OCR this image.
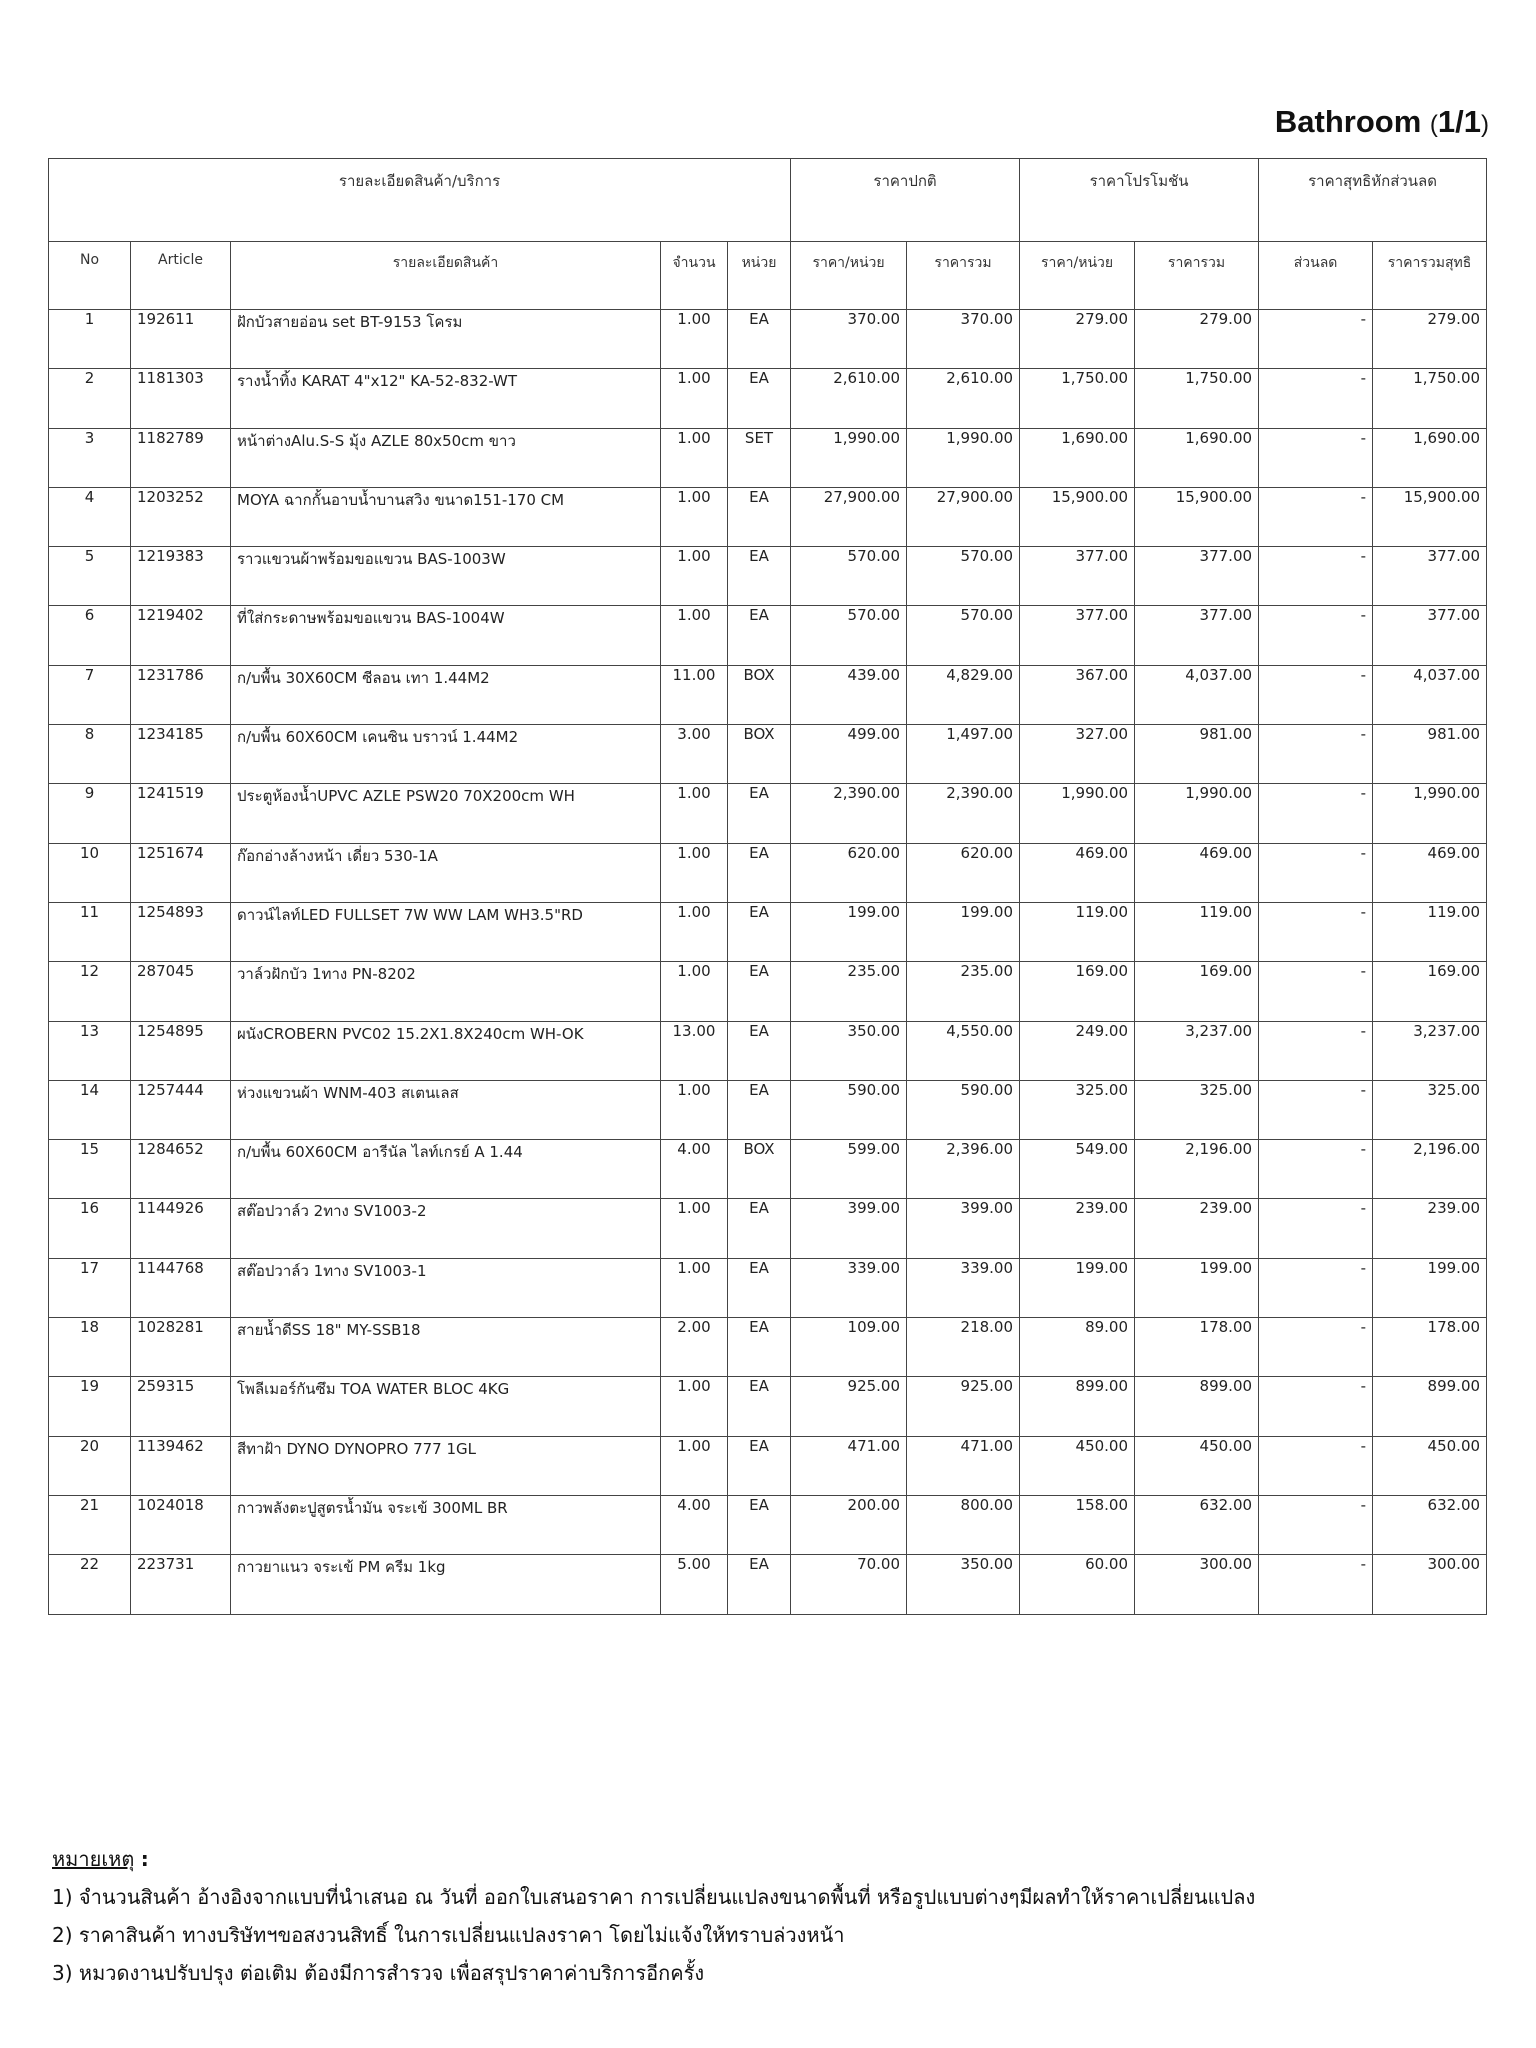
Bathroom (1/1)
รายละเอียดสินค้า/บริการ					ราคาปกติ		ราคาโปรโมชัน		ราคาสุทธิหักส่วนลด	
No	Article	รายละเอียดสินค้า	จำนวน	หน่วย	ราคา/หน่วย	ราคารวม	ราคา/หน่วย	ราคารวม	ส่วนลด	ราคารวมสุทธิ
1	192611	ฝักบัวสายอ่อน set BT-9153 โครม	1.00	EA	370.00	370.00	279.00	279.00	-	279.00
2	1181303	รางน้ำทิ้ง KARAT 4"x12" KA-52-832-WT	1.00	EA	2,610.00	2,610.00	1,750.00	1,750.00	-	1,750.00
3	1182789	หน้าต่างAlu.S-S มุ้ง AZLE 80x50cm ขาว	1.00	SET	1,990.00	1,990.00	1,690.00	1,690.00	-	1,690.00
4	1203252	MOYA ฉากกั้นอาบน้ำบานสวิง ขนาด151-170 CM	1.00	EA	27,900.00	27,900.00	15,900.00	15,900.00	-	15,900.00
5	1219383	ราวแขวนผ้าพร้อมขอแขวน BAS-1003W	1.00	EA	570.00	570.00	377.00	377.00	-	377.00
6	1219402	ที่ใส่กระดาษพร้อมขอแขวน BAS-1004W	1.00	EA	570.00	570.00	377.00	377.00	-	377.00
7	1231786	ก/บพื้น 30X60CM ซีลอน เทา 1.44M2	11.00	BOX	439.00	4,829.00	367.00	4,037.00	-	4,037.00
8	1234185	ก/บพื้น 60X60CM เคนซิน บราวน์ 1.44M2	3.00	BOX	499.00	1,497.00	327.00	981.00	-	981.00
9	1241519	ประตูห้องน้ำUPVC AZLE PSW20 70X200cm WH	1.00	EA	2,390.00	2,390.00	1,990.00	1,990.00	-	1,990.00
10	1251674	ก๊อกอ่างล้างหน้า เดี่ยว 530-1A	1.00	EA	620.00	620.00	469.00	469.00	-	469.00
11	1254893	ดาวน์ไลท์LED FULLSET 7W WW LAM WH3.5"RD	1.00	EA	199.00	199.00	119.00	119.00	-	119.00
12	287045	วาล์วฝักบัว 1ทาง PN-8202	1.00	EA	235.00	235.00	169.00	169.00	-	169.00
13	1254895	ผนังCROBERN PVC02 15.2X1.8X240cm WH-OK	13.00	EA	350.00	4,550.00	249.00	3,237.00	-	3,237.00
14	1257444	ห่วงแขวนผ้า WNM-403 สเตนเลส	1.00	EA	590.00	590.00	325.00	325.00	-	325.00
15	1284652	ก/บพื้น 60X60CM อารีนัล ไลท์เกรย์ A 1.44	4.00	BOX	599.00	2,396.00	549.00	2,196.00	-	2,196.00
16	1144926	สต๊อปวาล์ว 2ทาง SV1003-2	1.00	EA	399.00	399.00	239.00	239.00	-	239.00
17	1144768	สต๊อปวาล์ว 1ทาง SV1003-1	1.00	EA	339.00	339.00	199.00	199.00	-	199.00
18	1028281	สายน้ำดีSS 18" MY-SSB18	2.00	EA	109.00	218.00	89.00	178.00	-	178.00
19	259315	โพลีเมอร์กันซึม TOA WATER BLOC 4KG	1.00	EA	925.00	925.00	899.00	899.00	-	899.00
20	1139462	สีทาฝ้า DYNO DYNOPRO 777 1GL	1.00	EA	471.00	471.00	450.00	450.00	-	450.00
21	1024018	กาวพลังตะปูสูตรน้ำมัน จระเข้ 300ML BR	4.00	EA	200.00	800.00	158.00	632.00	-	632.00
22	223731	กาวยาแนว จระเข้ PM ครีม 1kg	5.00	EA	70.00	350.00	60.00	300.00	-	300.00
หมายเหตุ :
1) จำนวนสินค้า อ้างอิงจากแบบที่นำเสนอ ณ วันที่ ออกใบเสนอราคา การเปลี่ยนแปลงขนาดพื้นที่ หรือรูปแบบต่างๆมีผลทำให้ราคาเปลี่ยนแปลง
2) ราคาสินค้า ทางบริษัทฯขอสงวนสิทธิ์ ในการเปลี่ยนแปลงราคา โดยไม่แจ้งให้ทราบล่วงหน้า
3) หมวดงานปรับปรุง ต่อเติม ต้องมีการสำรวจ เพื่อสรุปราคาค่าบริการอีกครั้ง
